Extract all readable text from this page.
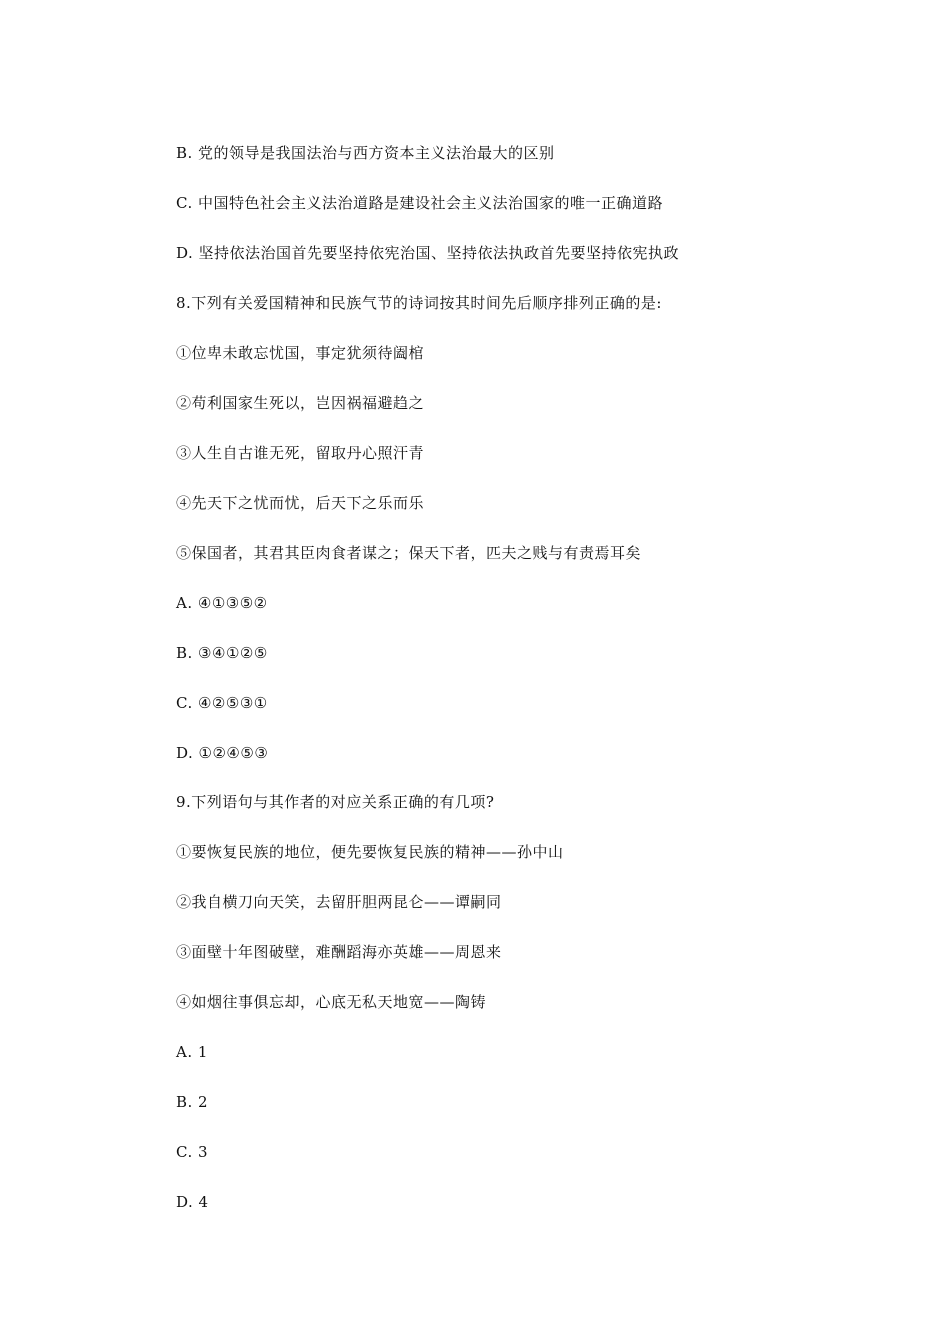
B. 党的领导是我国法治与西方资本主义法治最大的区别
C. 中国特色社会主义法治道路是建设社会主义法治国家的唯一正确道路
D. 坚持依法治国首先要坚持依宪治国、坚持依法执政首先要坚持依宪执政
8.下列有关爱国精神和民族气节的诗词按其时间先后顺序排列正确的是:
①位卑未敢忘忧国，事定犹须待阖棺
②苟利国家生死以，岂因祸福避趋之
③人生自古谁无死，留取丹心照汗青
④先天下之忧而忧，后天下之乐而乐
⑤保国者，其君其臣肉食者谋之；保天下者，匹夫之贱与有责焉耳矣
A. ④①③⑤②
B. ③④①②⑤
C. ④②⑤③①
D. ①②④⑤③
9.下列语句与其作者的对应关系正确的有几项?
①要恢复民族的地位，便先要恢复民族的精神——孙中山
②我自横刀向天笑，去留肝胆两昆仑——谭嗣同
③面壁十年图破壁，难酬蹈海亦英雄——周恩来
④如烟往事俱忘却，心底无私天地宽——陶铸
A. 1
B. 2
C. 3
D. 4
